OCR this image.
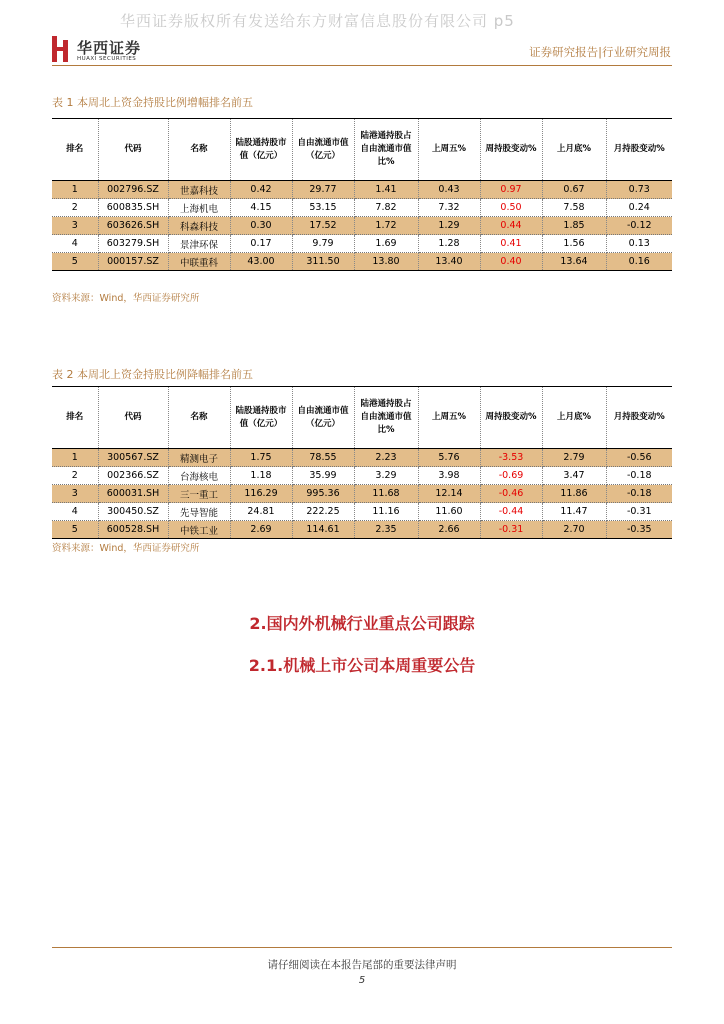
华西证券版权所有发送给东方财富信息股份有限公司 p5
华西证券
HUAXI SECURITIES	证券研究报告|行业研究周报
表 1 本周北上资金持股比例增幅排名前五
排名	代码	名称	陆股通持股市值（亿元）	自由流通市值（亿元）	陆港通持股占自由流通市值比%	上周五%	周持股变动%	上月底%	月持股变动%
1	002796.SZ	世嘉科技	0.42	29.77	1.41	0.43	0.97	0.67	0.73
2	600835.SH	上海机电	4.15	53.15	7.82	7.32	0.50	7.58	0.24
3	603626.SH	科森科技	0.30	17.52	1.72	1.29	0.44	1.85	-0.12
4	603279.SH	景津环保	0.17	9.79	1.69	1.28	0.41	1.56	0.13
5	000157.SZ	中联重科	43.00	311.50	13.80	13.40	0.40	13.64	0.16
资料来源：Wind，华西证券研究所
表 2 本周北上资金持股比例降幅排名前五
排名	代码	名称	陆股通持股市值（亿元）	自由流通市值（亿元）	陆港通持股占自由流通市值比%	上周五%	周持股变动%	上月底%	月持股变动%
1	300567.SZ	精测电子	1.75	78.55	2.23	5.76	-3.53	2.79	-0.56
2	002366.SZ	台海核电	1.18	35.99	3.29	3.98	-0.69	3.47	-0.18
3	600031.SH	三一重工	116.29	995.36	11.68	12.14	-0.46	11.86	-0.18
4	300450.SZ	先导智能	24.81	222.25	11.16	11.60	-0.44	11.47	-0.31
5	600528.SH	中铁工业	2.69	114.61	2.35	2.66	-0.31	2.70	-0.35
资料来源：Wind，华西证券研究所
2.国内外机械行业重点公司跟踪
2.1.机械上市公司本周重要公告
请仔细阅读在本报告尾部的重要法律声明
5
